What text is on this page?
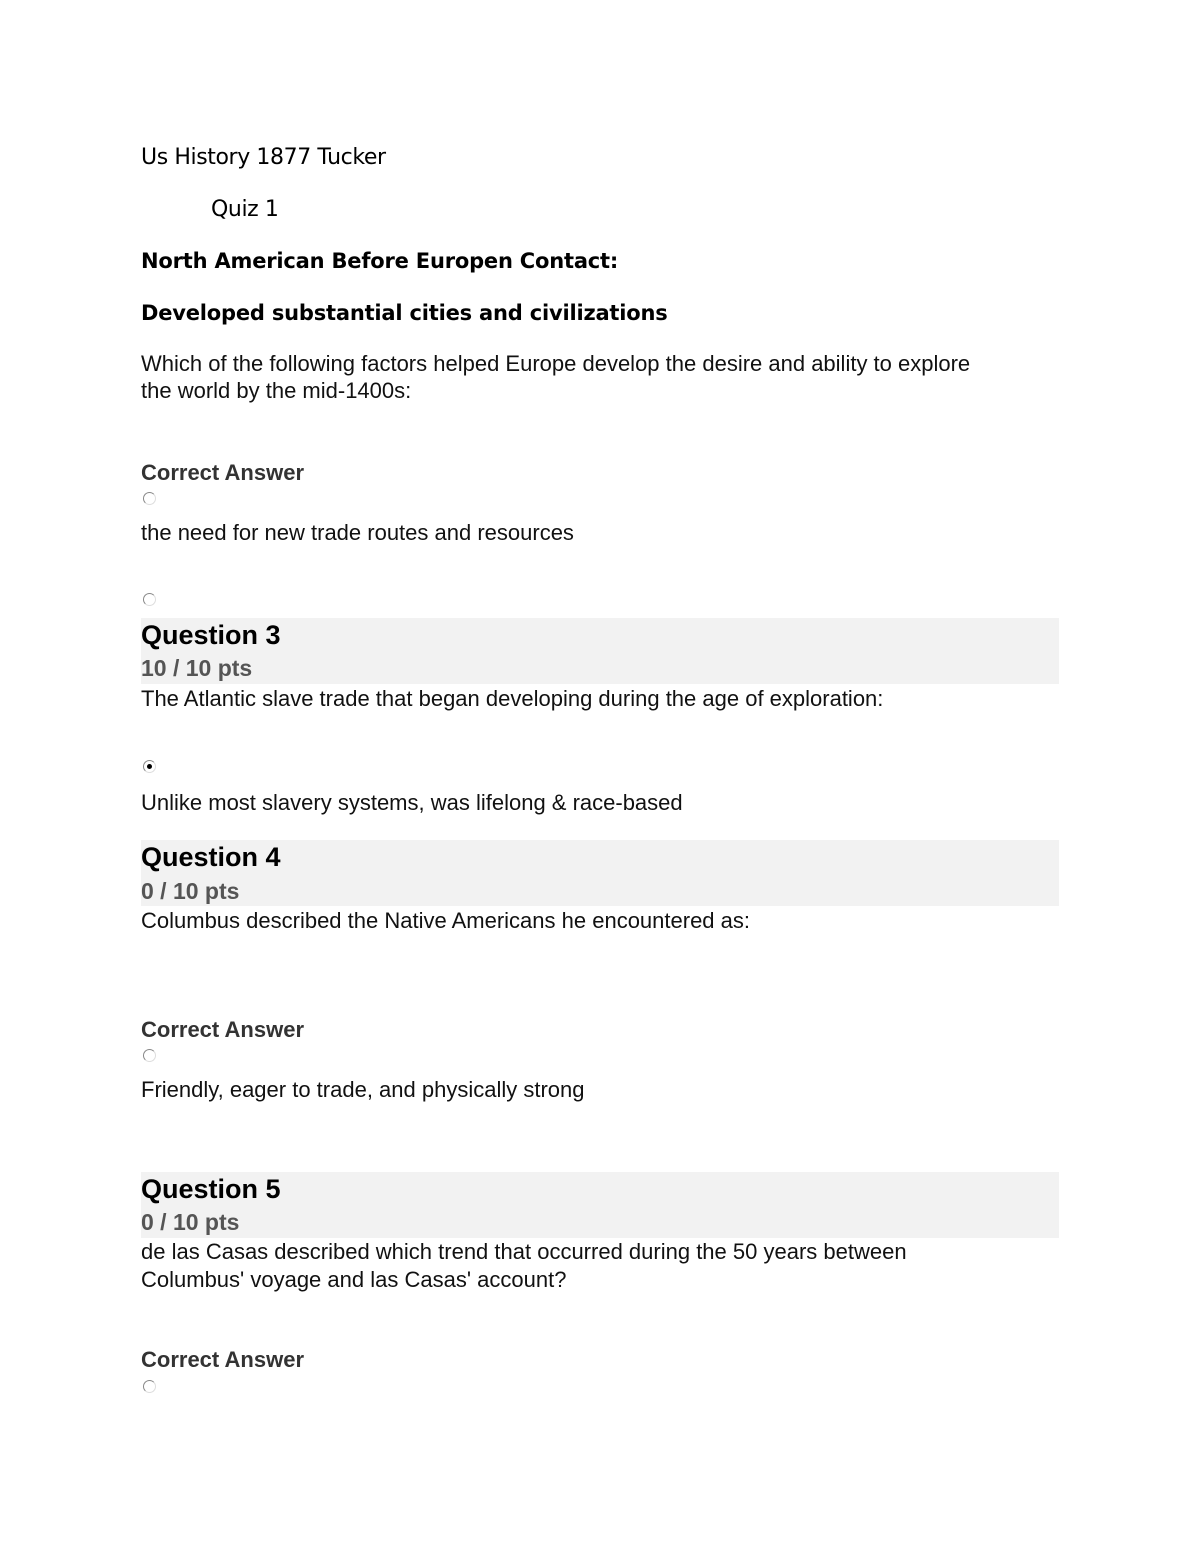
Us History 1877 Tucker
Quiz 1
North American Before Europen Contact:
Developed substantial cities and civilizations
Which of the following factors helped Europe develop the desire and ability to explore
the world by the mid-1400s:
Correct Answer
the need for new trade routes and resources
Question 3
10 / 10 pts
The Atlantic slave trade that began developing during the age of exploration:
Unlike most slavery systems, was lifelong & race-based
Question 4
0 / 10 pts
Columbus described the Native Americans he encountered as:
Correct Answer
Friendly, eager to trade, and physically strong
Question 5
0 / 10 pts
de las Casas described which trend that occurred during the 50 years between
Columbus' voyage and las Casas' account?
Correct Answer
